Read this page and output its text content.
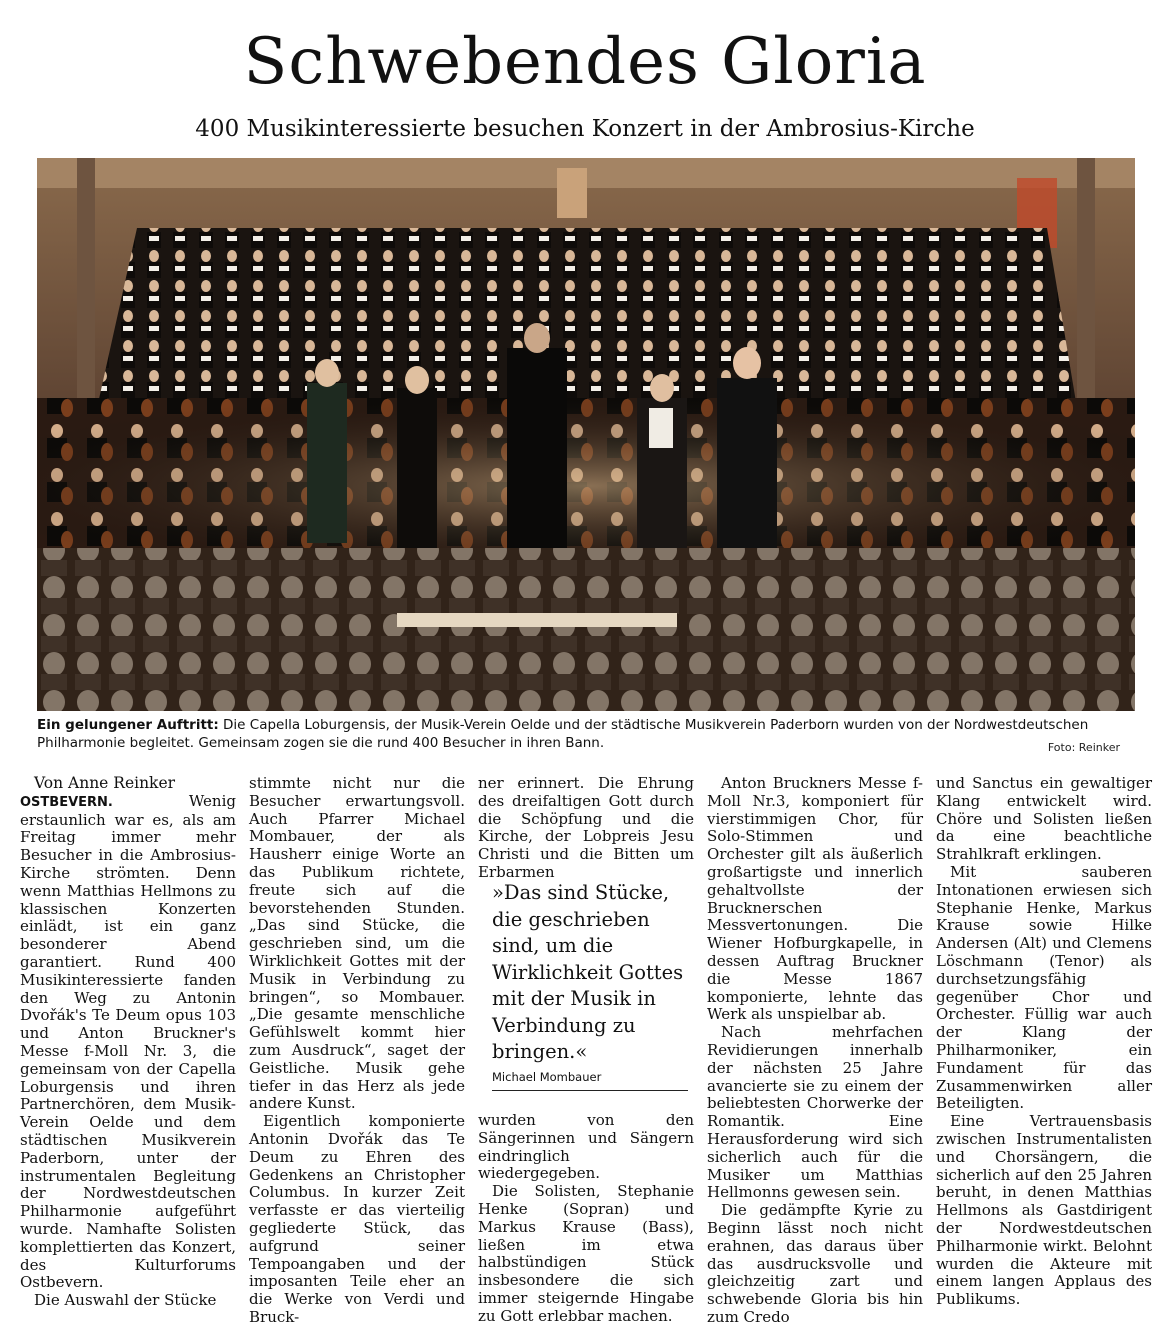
Schwebendes Gloria
400 Musikinteressierte besuchen Konzert in der Ambrosius-Kirche
Ein gelungener Auftritt: Die Capella Loburgensis, der Musik-Verein Oelde und der städtische Musikverein Paderborn wurden von der Nordwestdeutschen Philharmonie begleitet. Gemeinsam zogen sie die rund 400 Besucher in ihren Bann.	Foto: Reinker

Von Anne Reinker

OSTBEVERN. Wenig erstaunlich war es, als am Freitag immer mehr Besucher in die Ambrosius-Kirche strömten. Denn wenn Matthias Hellmons zu klassischen Konzerten einlädt, ist ein ganz besonderer Abend garantiert. Rund 400 Musikinteressierte fanden den Weg zu Antonin Dvořák's Te Deum opus 103 und Anton Bruckner's Messe f-Moll Nr. 3, die gemeinsam von der Capella Loburgensis und ihren Partnerchören, dem Musik-Verein Oelde und dem städtischen Musikverein Paderborn, unter der instrumentalen Begleitung der Nordwestdeutschen Philharmonie aufgeführt wurde. Namhafte Solisten komplettierten das Konzert, des Kulturforums Ostbevern.

Die Auswahl der Stücke

stimmte nicht nur die Besucher erwartungsvoll. Auch Pfarrer Michael Mombauer, der als Hausherr einige Worte an das Publikum richtete, freute sich auf die bevorstehenden Stunden. „Das sind Stücke, die geschrieben sind, um die Wirklichkeit Gottes mit der Musik in Verbindung zu bringen“, so Mombauer. „Die gesamte menschliche Gefühlswelt kommt hier zum Ausdruck“, saget der Geistliche. Musik gehe tiefer in das Herz als jede andere Kunst.

Eigentlich komponierte Antonin Dvořák das Te Deum zu Ehren des Gedenkens an Christopher Columbus. In kurzer Zeit verfasste er das vierteilig gegliederte Stück, das aufgrund seiner Tempoangaben und der imposanten Teile eher an die Werke von Verdi und Bruck-

ner erinnert. Die Ehrung des dreifaltigen Gott durch die Schöpfung und die Kirche, der Lobpreis Jesu Christi und die Bitten um Erbarmen

»Das sind Stücke, die geschrieben sind, um die Wirklichkeit Gottes mit der Musik in Verbindung zu bringen.«
Michael Mombauer

wurden von den Sängerinnen und Sängern eindringlich wiedergegeben.

Die Solisten, Stephanie Henke (Sopran) und Markus Krause (Bass), ließen im etwa halbstündigen Stück insbesondere die sich immer steigernde Hingabe zu Gott erlebbar machen.

Anton Bruckners Messe f-Moll Nr.3, komponiert für vierstimmigen Chor, für Solo-Stimmen und Orchester gilt als äußerlich großartigste und innerlich gehaltvollste der Brucknerschen Messvertonungen. Die Wiener Hofburgkapelle, in dessen Auftrag Bruckner die Messe 1867 komponierte, lehnte das Werk als unspielbar ab.

Nach mehrfachen Revidierungen innerhalb der nächsten 25 Jahre avancierte sie zu einem der beliebtesten Chorwerke der Romantik. Eine Herausforderung wird sich sicherlich auch für die Musiker um Matthias Hellmonns gewesen sein.

Die gedämpfte Kyrie zu Beginn lässt noch nicht erahnen, das daraus über das ausdrucksvolle und gleichzeitig zart und schwebende Gloria bis hin zum Credo

und Sanctus ein gewaltiger Klang entwickelt wird. Chöre und Solisten ließen da eine beachtliche Strahlkraft erklingen.

Mit sauberen Intonationen erwiesen sich Stephanie Henke, Markus Krause sowie Hilke Andersen (Alt) und Clemens Löschmann (Tenor) als durchsetzungsfähig gegenüber Chor und Orchester. Füllig war auch der Klang der Philharmoniker, ein Fundament für das Zusammenwirken aller Beteiligten.

Eine Vertrauensbasis zwischen Instrumentalisten und Chorsängern, die sicherlich auf den 25 Jahren beruht, in denen Matthias Hellmons als Gastdirigent der Nordwestdeutschen Philharmonie wirkt. Belohnt wurden die Akteure mit einem langen Applaus des Publikums.
